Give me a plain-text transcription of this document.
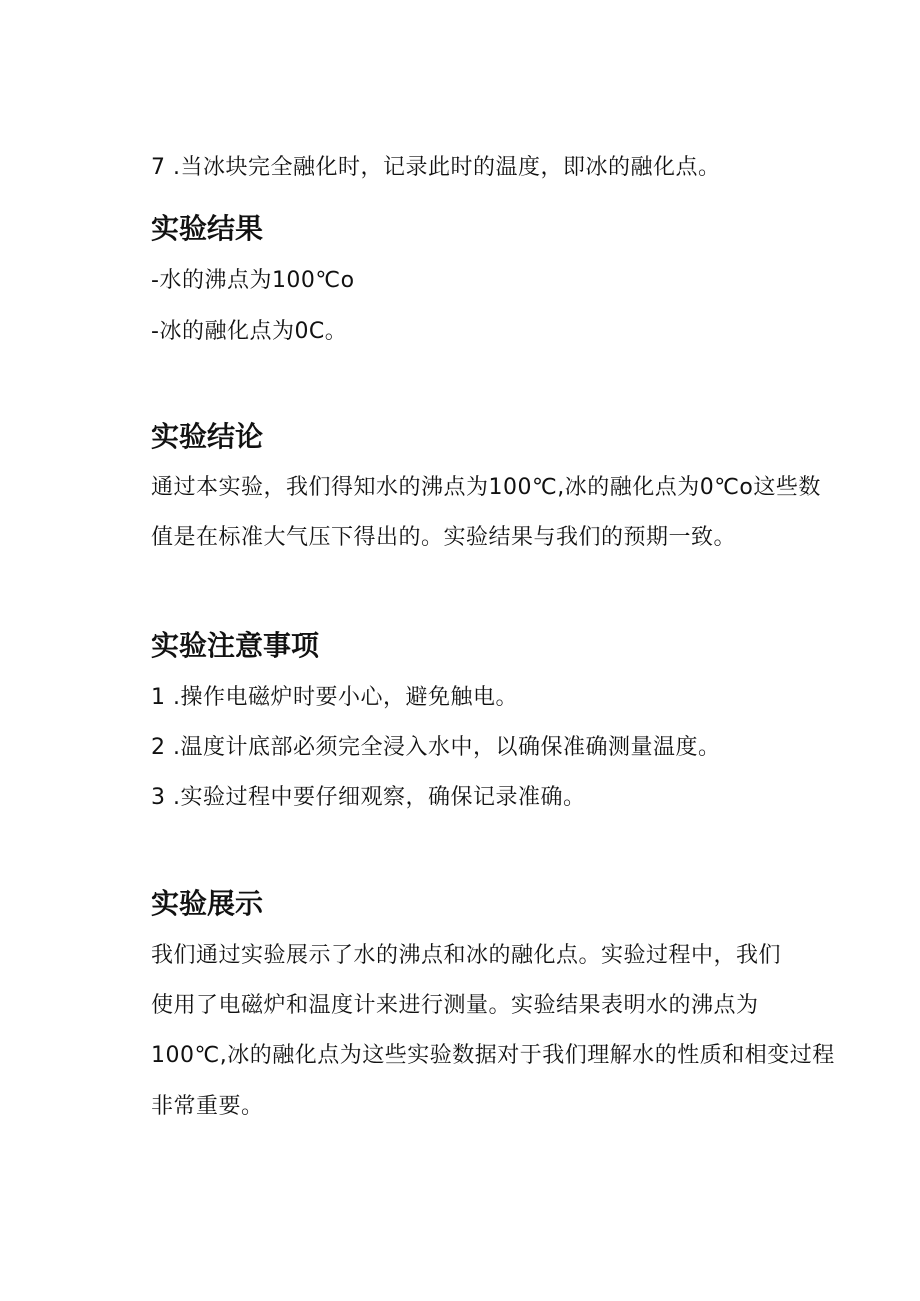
7 .当冰块完全融化时，记录此时的温度，即冰的融化点。
实验结果
-水的沸点为100℃o
-冰的融化点为0C。
实验结论
通过本实验，我们得知水的沸点为100℃,冰的融化点为0℃o这些数
值是在标准大气压下得出的。实验结果与我们的预期一致。
实验注意事项
1 .操作电磁炉时要小心，避免触电。
2 .温度计底部必须完全浸入水中，以确保准确测量温度。
3 .实验过程中要仔细观察，确保记录准确。
实验展示
我们通过实验展示了水的沸点和冰的融化点。实验过程中，我们
使用了电磁炉和温度计来进行测量。实验结果表明水的沸点为
100℃,冰的融化点为这些实验数据对于我们理解水的性质和相变过程
非常重要。
